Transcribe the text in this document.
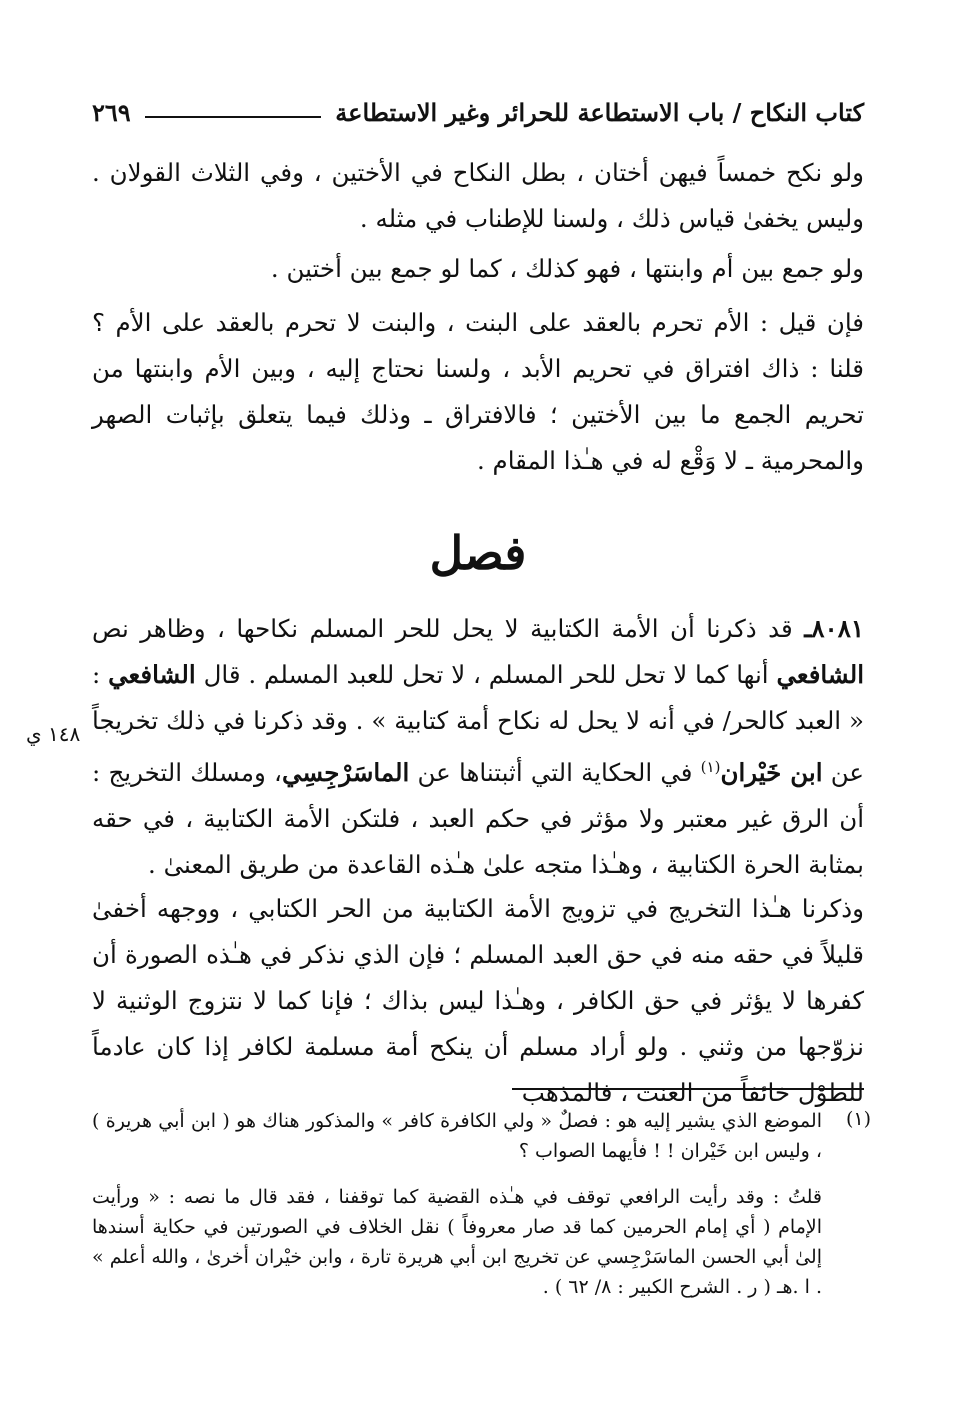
كتاب النكاح / باب الاستطاعة للحرائر وغير الاستطاعة
٢٦٩

ولو نكح خمساً فيهن أختان ، بطل النكاح في الأختين ، وفي الثلاث القولان . وليس يخفىٰ قياس ذلك ، ولسنا للإطناب في مثله .

ولو جمع بين أم وابنتها ، فهو كذلك ، كما لو جمع بين أختين .

فإن قيل : الأم تحرم بالعقد على البنت ، والبنت لا تحرم بالعقد على الأم ؟ قلنا : ذاك افتراق في تحريم الأبد ، ولسنا نحتاج إليه ، وبين الأم وابنتها من تحريم الجمع ما بين الأختين ؛ فالافتراق ـ وذلك فيما يتعلق بإثبات الصهر والمحرمية ـ لا وَقْع له في هـٰذا المقام .

فصل

٨٠٨١ـ قد ذكرنا أن الأمة الكتابية لا يحل للحر المسلم نكاحها ، وظاهر نص الشافعي أنها كما لا تحل للحر المسلم ، لا تحل للعبد المسلم . قال الشافعي : « العبد كالحر/ في أنه لا يحل له نكاح أمة كتابية » . وقد ذكرنا في ذلك تخريجاً عن ابن خَيْران$^{(١)}$ في الحكاية التي أثبتناها عن الماسَرْجِسِي، ومسلك التخريج : أن الرق غير معتبر ولا مؤثر في حكم العبد ، فلتكن الأمة الكتابية ، في حقه بمثابة الحرة الكتابية ، وهـٰذا متجه علىٰ هـٰذه القاعدة من طريق المعنىٰ .

١٤٨ ي

وذكرنا هـٰذا التخريج في تزويج الأمة الكتابية من الحر الكتابي ، ووجهه أخفىٰ قليلاً في حقه منه في حق العبد المسلم ؛ فإن الذي نذكر في هـٰذه الصورة أن كفرها لا يؤثر في حق الكافر ، وهـٰذا ليس بذاك ؛ فإنا كما لا نتزوج الوثنية لا نزوّجها من وثني . ولو أراد مسلم أن ينكح أمة مسلمة لكافر إذا كان عادماً للطوْل خائفاً من العنت ، فالمذهب

(١)

الموضع الذي يشير إليه هو : فصلٌ « ولي الكافرة كافر » والمذكور هناك هو ( ابن أبي هريرة ) ، وليس ابن خَيْران ! ! فأيهما الصواب ؟

قلتُ : وقد رأيت الرافعي توقف في هـٰذه القضية كما توقفنا ، فقد قال ما نصه : « ورأيت الإمام ( أي إمام الحرمين كما قد صار معروفاً ) نقل الخلاف في الصورتين في حكاية أسندها إلىٰ أبي الحسن الماسَرْجِسي عن تخريج ابن أبي هريرة تارة ، وابن خيْران أخرىٰ ، والله أعلم » . ا .هـ ( ر . الشرح الكبير : ٨/ ٦٢ ) .
